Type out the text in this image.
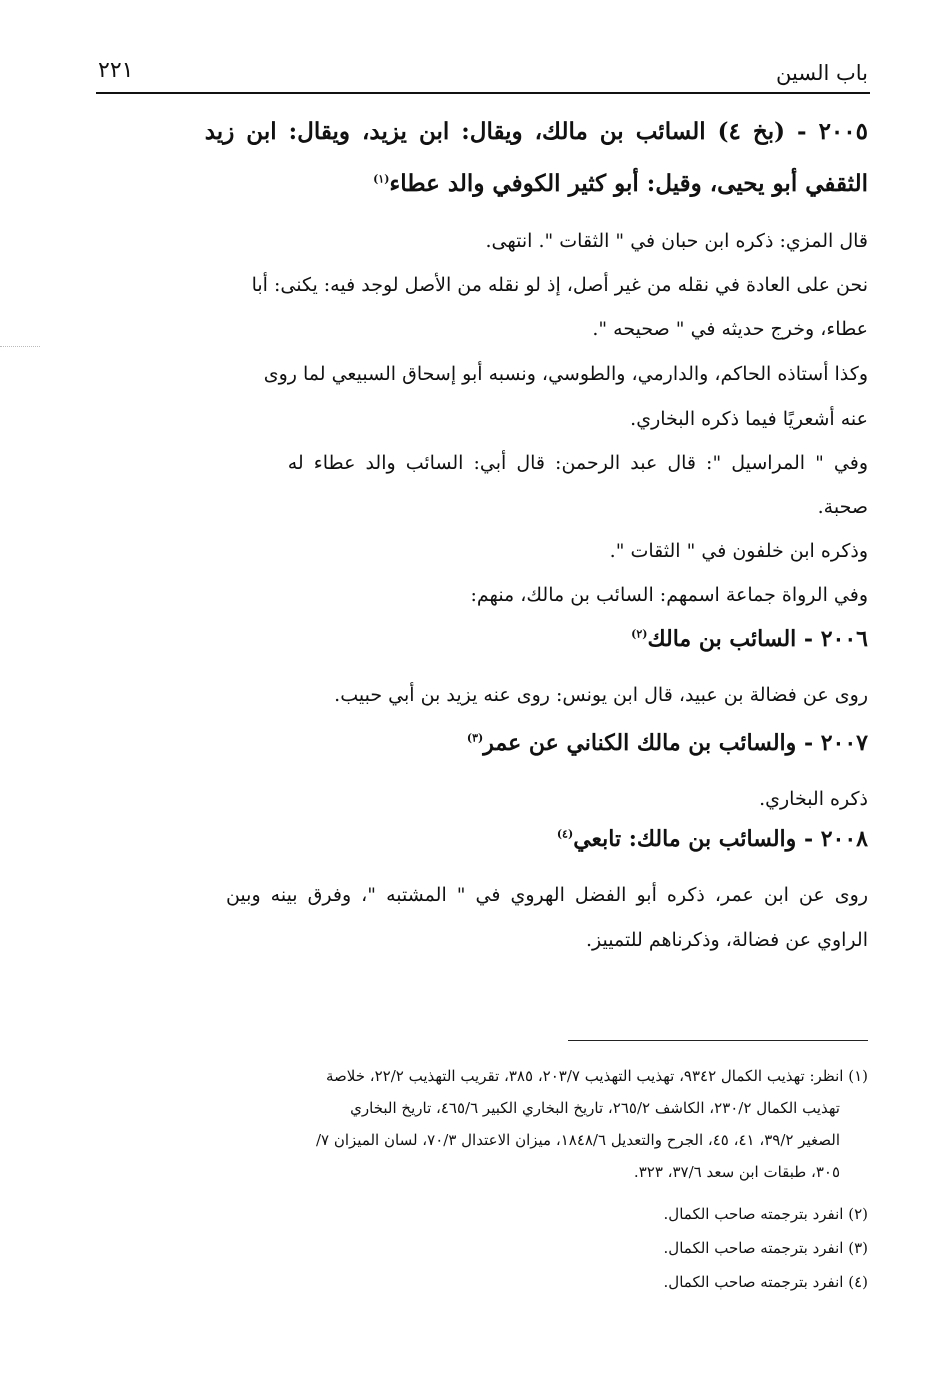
باب السين
٢٢١
٢٠٠٥ - (بخ ٤) السائب بن مالك، ويقال: ابن يزيد، ويقال: ابن زيد
الثقفي أبو يحيى، وقيل: أبو كثير الكوفي والد عطاء$^{(١)}$
قال المزي: ذكره ابن حبان في " الثقات ". انتهى.
نحن على العادة في نقله من غير أصل، إذ لو نقله من الأصل لوجد فيه: يكنى: أبا
عطاء، وخرج حديثه في " صحيحه ".
وكذا أستاذه الحاكم، والدارمي، والطوسي، ونسبه أبو إسحاق السبيعي لما روى
عنه أشعريًا فيما ذكره البخاري.
وفي " المراسيل ": قال عبد الرحمن: قال أبي: السائب والد عطاء له
صحبة.
وذكره ابن خلفون في " الثقات ".
وفي الرواة جماعة اسمهم: السائب بن مالك، منهم:
٢٠٠٦ - السائب بن مالك$^{(٢)}$
روى عن فضالة بن عبيد، قال ابن يونس: روى عنه يزيد بن أبي حبيب.
٢٠٠٧ - والسائب بن مالك الكناني عن عمر$^{(٣)}$
ذكره البخاري.
٢٠٠٨ - والسائب بن مالك: تابعي$^{(٤)}$
روى عن ابن عمر، ذكره أبو الفضل الهروي في " المشتبه "، وفرق بينه وبين
الراوي عن فضالة، وذكرناهم للتمييز.
(١) انظر: تهذيب الكمال ٩٣٤٢، تهذيب التهذيب ٢٠٣/٧، ٣٨٥، تقريب التهذيب ٢٢/٢، خلاصة
تهذيب الكمال ٢٣٠/٢، الكاشف ٢٦٥/٢، تاريخ البخاري الكبير ٤٦٥/٦، تاريخ البخاري
الصغير ٣٩/٢، ٤١، ٤٥، الجرح والتعديل ١٨٤٨/٦، ميزان الاعتدال ٧٠/٣، لسان الميزان ٧/
٣٠٥، طبقات ابن سعد ٣٧/٦، ٣٢٣.
(٢) انفرد بترجمته صاحب الكمال.
(٣) انفرد بترجمته صاحب الكمال.
(٤) انفرد بترجمته صاحب الكمال.
